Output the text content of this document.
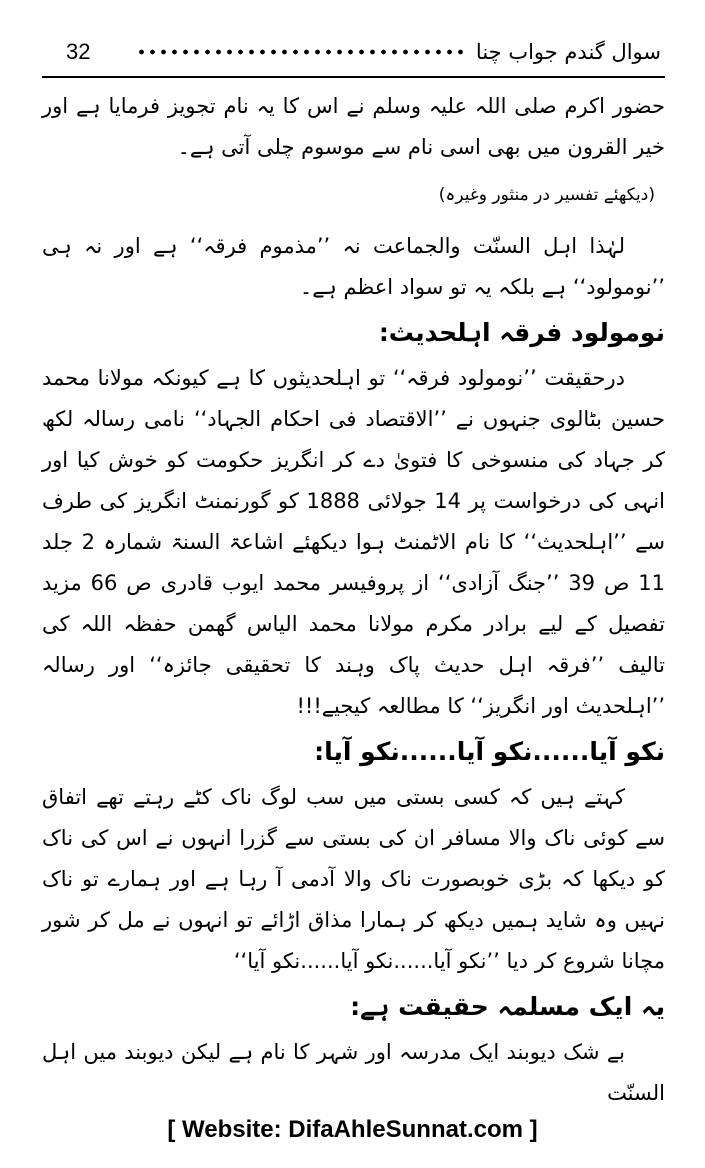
32	سوال گندم جواب چنا

حضور اکرم صلی اللہ علیہ وسلم نے اس کا یہ نام تجویز فرمایا ہے اور خیر القرون میں بھی اسی نام سے موسوم چلی آتی ہے۔

(دیکھئے تفسیر در منثور وغیرہ)

لہٰذا اہل السنّت والجماعت نہ ’’مذموم فرقہ‘‘ ہے اور نہ ہی ’’نومولود‘‘ ہے بلکہ یہ تو سواد اعظم ہے۔

نومولود فرقہ اہلحدیث:

درحقیقت ’’نومولود فرقہ‘‘ تو اہلحدیثوں کا ہے کیونکہ مولانا محمد حسین بٹالوی جنہوں نے ’’الاقتصاد فی احکام الجہاد‘‘ نامی رسالہ لکھ کر جہاد کی منسوخی کا فتویٰ دے کر انگریز حکومت کو خوش کیا اور انہی کی درخواست پر 14 جولائی 1888 کو گورنمنٹ انگریز کی طرف سے ’’اہلحدیث‘‘ کا نام الاٹمنٹ ہوا دیکھئے اشاعۃ السنۃ شمارہ 2 جلد 11 ص 39 ’’جنگ آزادی‘‘ از پروفیسر محمد ایوب قادری ص 66 مزید تفصیل کے لیے برادر مکرم مولانا محمد الیاس گھمن حفظہ اللہ کی تالیف ’’فرقہ اہل حدیث پاک وہند کا تحقیقی جائزہ‘‘ اور رسالہ ’’اہلحدیث اور انگریز‘‘ کا مطالعہ کیجیے!!!

نکو آیا......نکو آیا......نکو آیا:

کہتے ہیں کہ کسی بستی میں سب لوگ ناک کٹے رہتے تھے اتفاق سے کوئی ناک والا مسافر ان کی بستی سے گزرا انہوں نے اس کی ناک کو دیکھا کہ بڑی خوبصورت ناک والا آدمی آ رہا ہے اور ہمارے تو ناک نہیں وہ شاید ہمیں دیکھ کر ہمارا مذاق اڑائے تو انہوں نے مل کر شور مچانا شروع کر دیا ’’نکو آیا......نکو آیا......نکو آیا‘‘

یہ ایک مسلمہ حقیقت ہے:

بے شک دیوبند ایک مدرسہ اور شہر کا نام ہے لیکن دیوبند میں اہل السنّت

[ Website: DifaAhleSunnat.com ]
